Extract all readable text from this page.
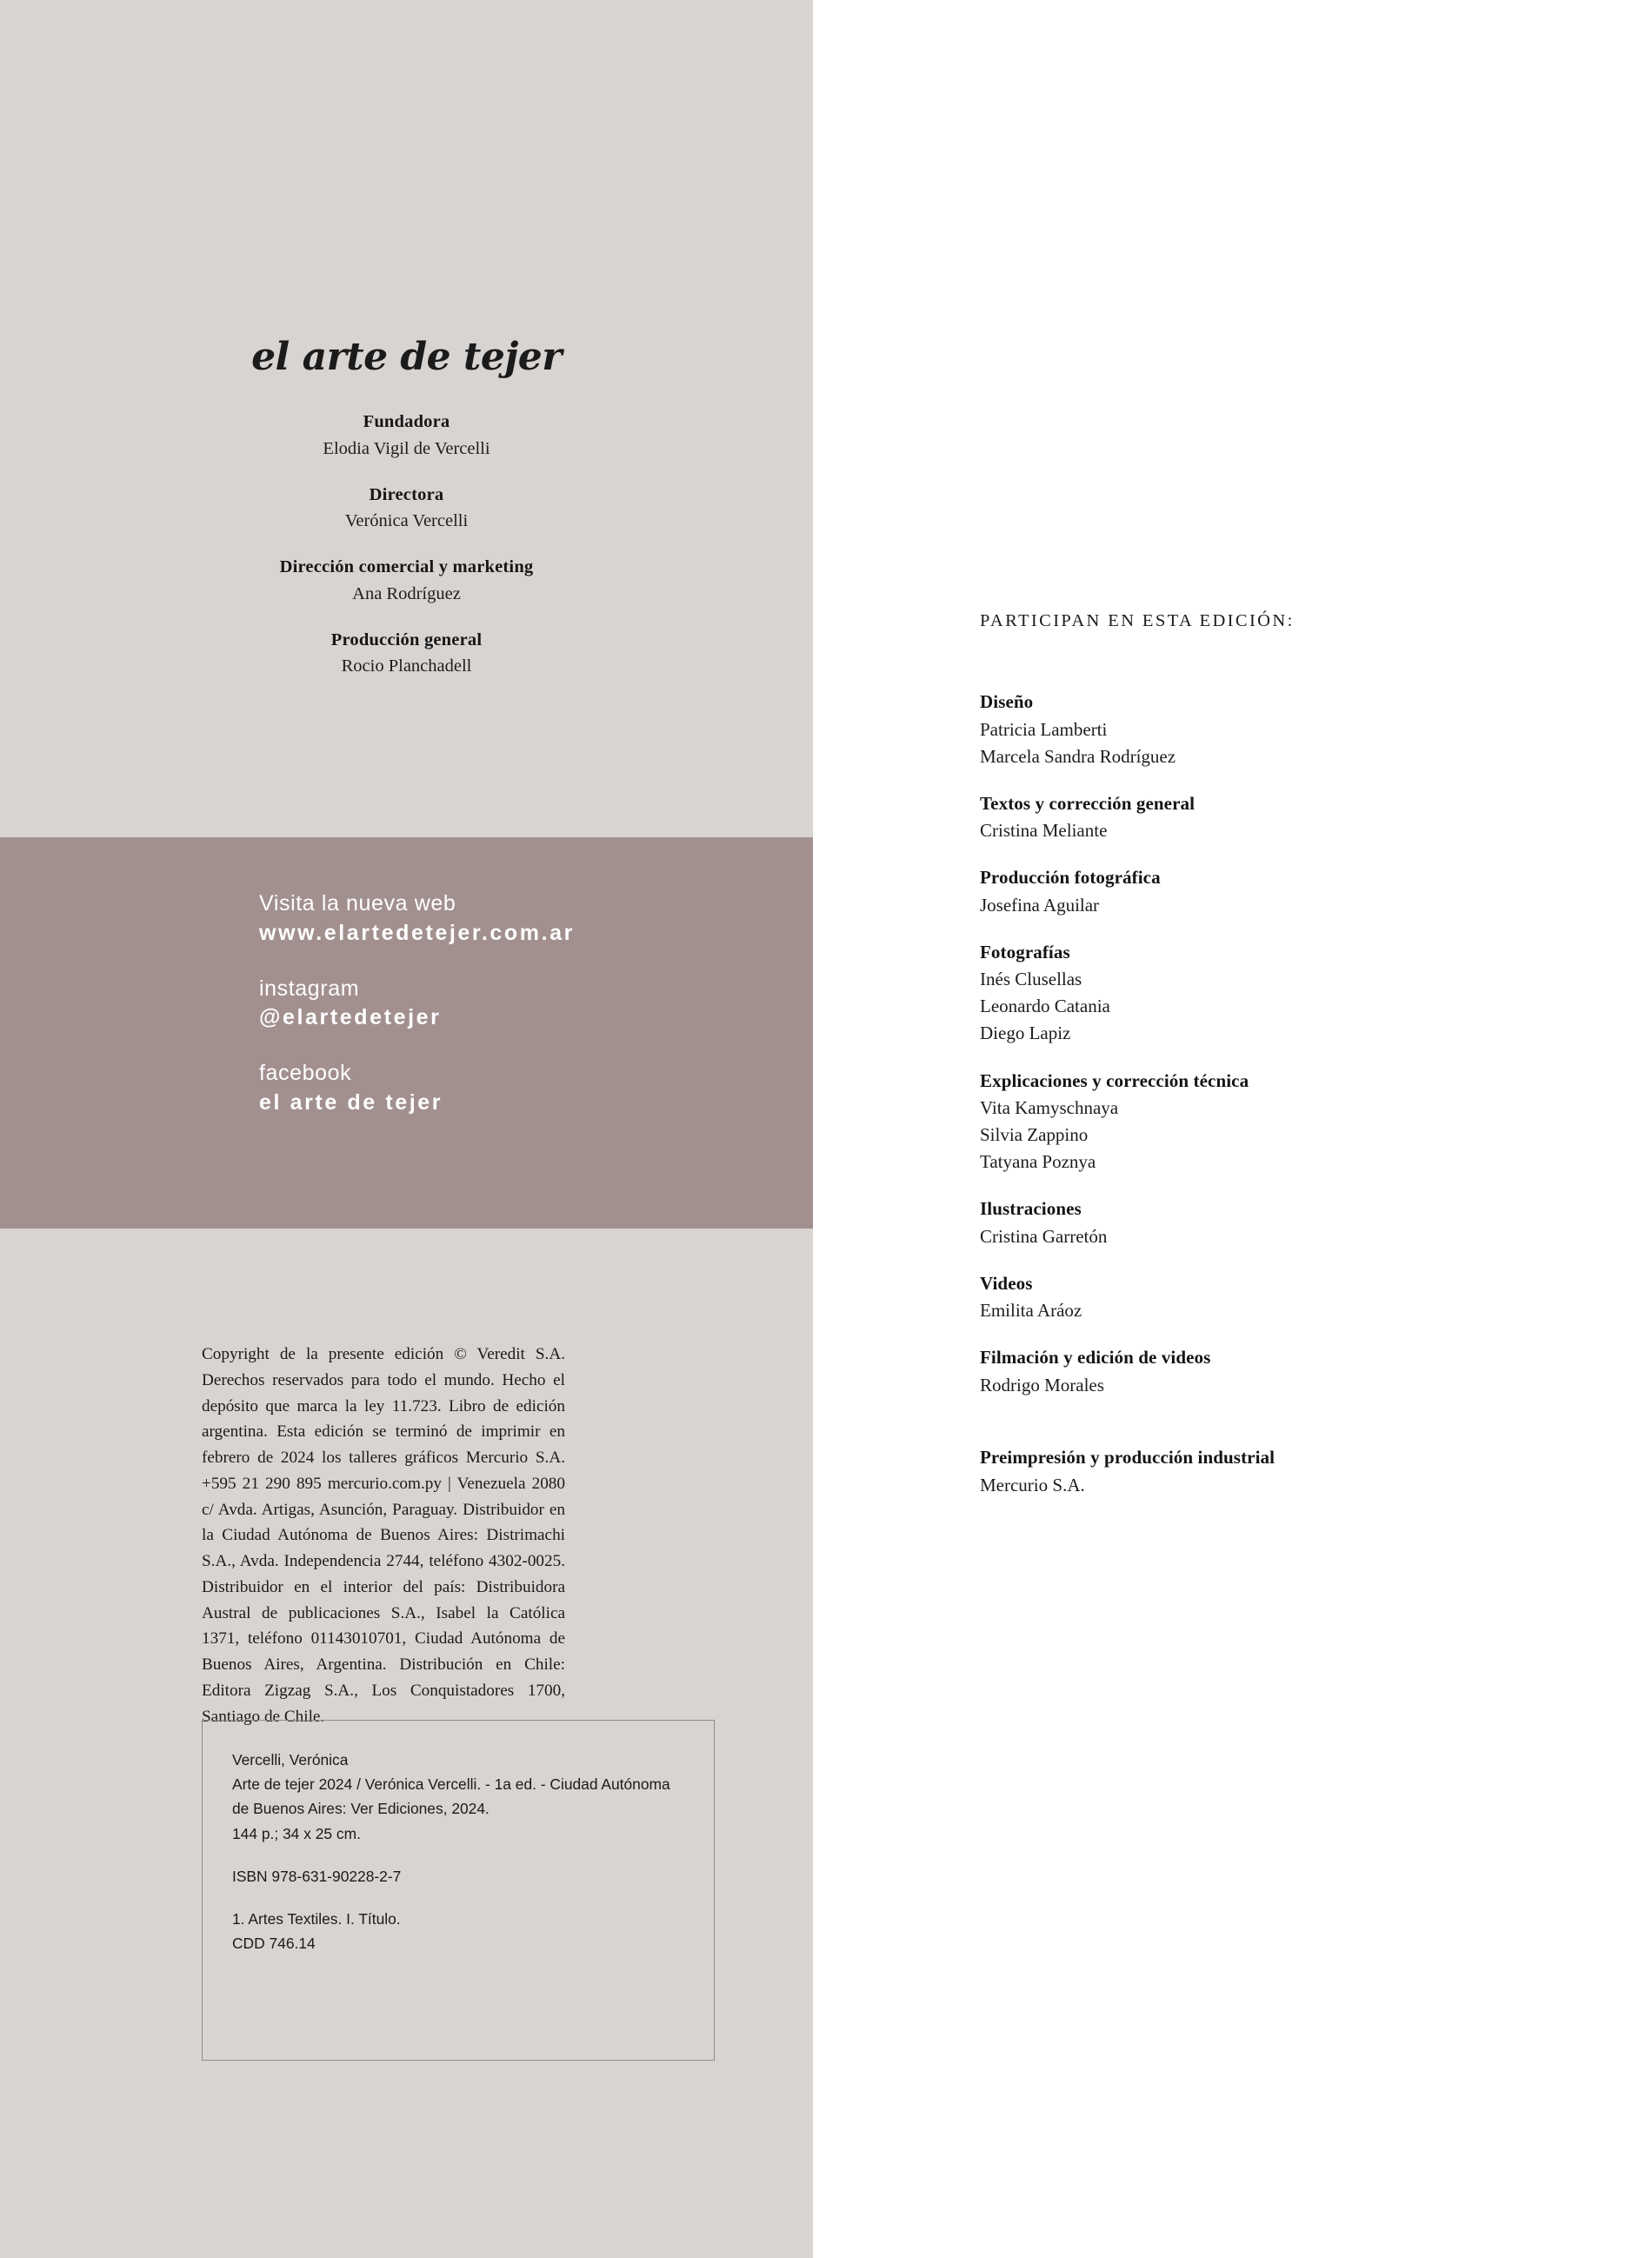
el arte de tejer
Fundadora
Elodia Vigil de Vercelli
Directora
Verónica Vercelli
Dirección comercial y marketing
Ana Rodríguez
Producción general
Rocio Planchadell
Visita la nueva web
www.elartedetejer.com.ar
instagram
@elartedetejer
facebook
el arte de tejer
Copyright de la presente edición © Veredit S.A. Derechos reservados para todo el mundo. Hecho el depósito que marca la ley 11.723. Libro de edición argentina. Esta edición se terminó de imprimir en febrero de 2024 los talleres gráficos Mercurio S.A. +595 21 290 895 mercurio.com.py | Venezuela 2080 c/ Avda. Artigas, Asunción, Paraguay. Distribuidor en la Ciudad Autónoma de Buenos Aires: Distrimachi S.A., Avda. Independencia 2744, teléfono 4302-0025. Distribuidor en el interior del país: Distribuidora Austral de publicaciones S.A., Isabel la Católica 1371, teléfono 01143010701, Ciudad Autónoma de Buenos Aires, Argentina. Distribución en Chile: Editora Zigzag S.A., Los Conquistadores 1700, Santiago de Chile.
Vercelli, Verónica
Arte de tejer 2024 / Verónica Vercelli. - 1a ed. - Ciudad Autónoma de Buenos Aires: Ver Ediciones, 2024.
144 p.; 34 x 25 cm.
ISBN 978-631-90228-2-7
1. Artes Textiles. I. Título.
CDD 746.14
PARTICIPAN EN ESTA EDICIÓN:
Diseño
Patricia Lamberti
Marcela Sandra Rodríguez
Textos y corrección general
Cristina Meliante
Producción fotográfica
Josefina Aguilar
Fotografías
Inés Clusellas
Leonardo Catania
Diego Lapiz
Explicaciones y corrección técnica
Vita Kamyschnaya
Silvia Zappino
Tatyana Poznya
Ilustraciones
Cristina Garretón
Videos
Emilita Aráoz
Filmación y edición de videos
Rodrigo Morales
Preimpresión y producción industrial
Mercurio S.A.
